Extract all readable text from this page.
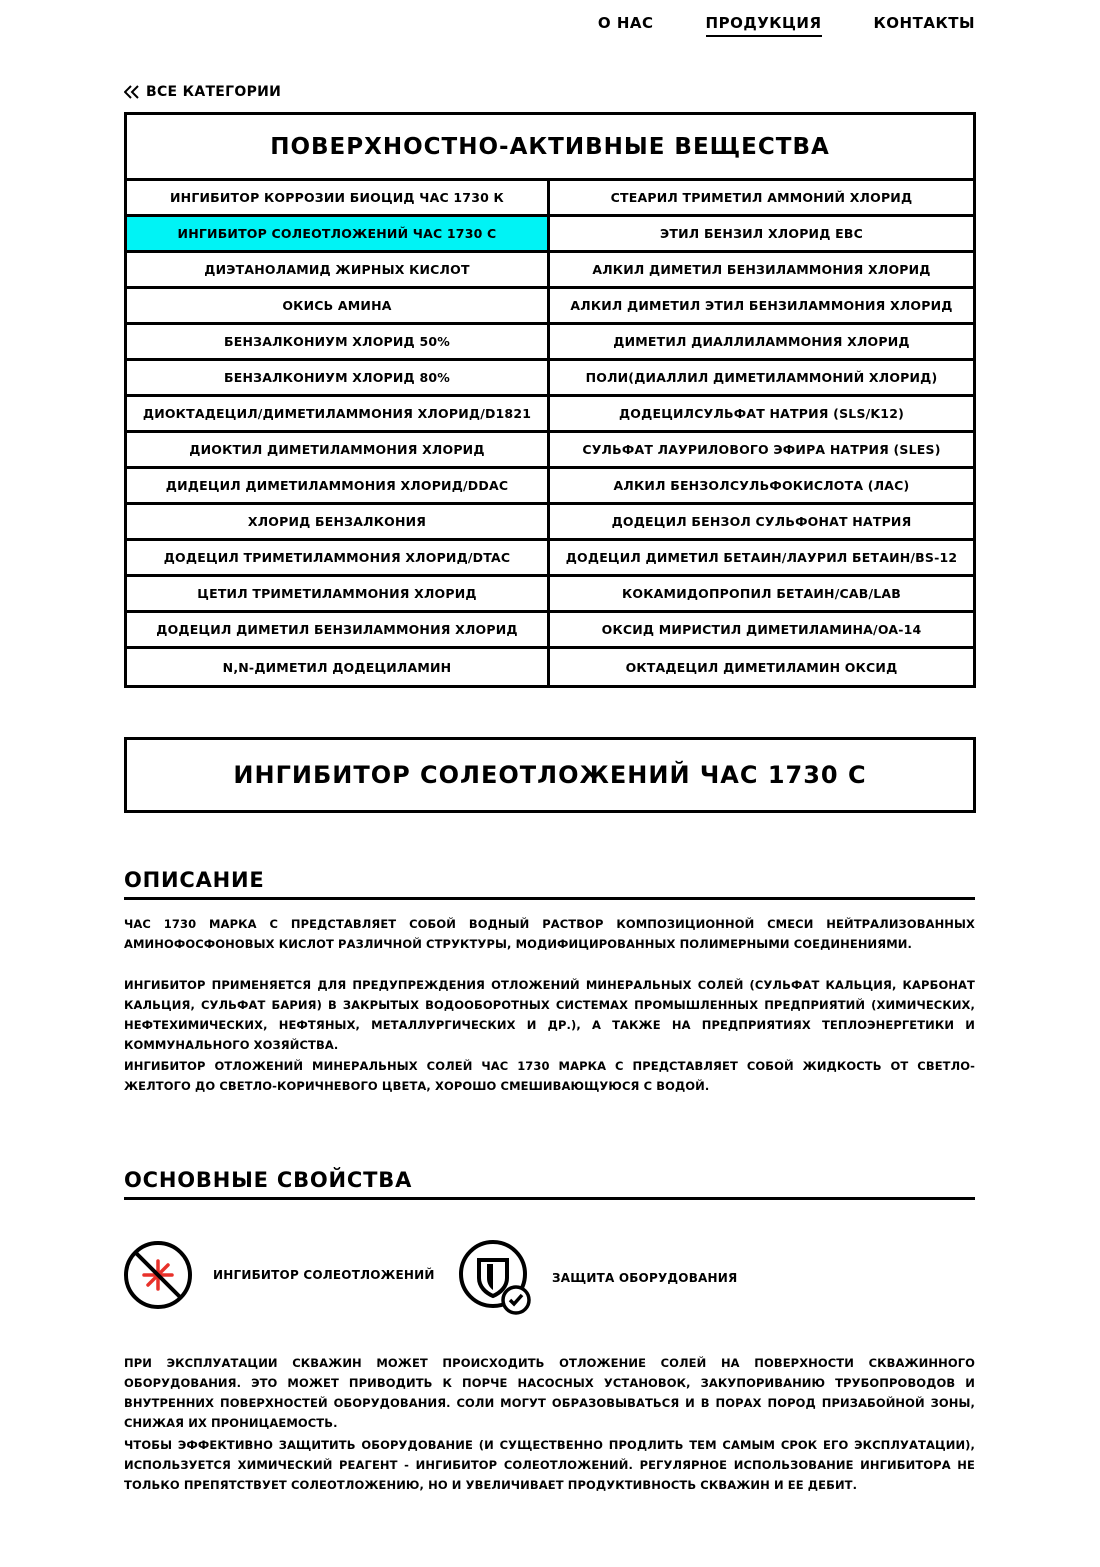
О НАС	ПРОДУКЦИЯ	КОНТАКТЫ
ВСЕ КАТЕГОРИИ
ПОВЕРХНОСТНО-АКТИВНЫЕ ВЕЩЕСТВА
ИНГИБИТОР КОРРОЗИИ БИОЦИД ЧАС 1730 К	СТЕАРИЛ ТРИМЕТИЛ АММОНИЙ ХЛОРИД
ИНГИБИТОР СОЛЕОТЛОЖЕНИЙ ЧАС 1730 С	ЭТИЛ БЕНЗИЛ ХЛОРИД EBC
ДИЭТАНОЛАМИД ЖИРНЫХ КИСЛОТ	АЛКИЛ ДИМЕТИЛ БЕНЗИЛАММОНИЯ ХЛОРИД
ОКИСЬ АМИНА	АЛКИЛ ДИМЕТИЛ ЭТИЛ БЕНЗИЛАММОНИЯ ХЛОРИД
БЕНЗАЛКОНИУМ ХЛОРИД 50%	ДИМЕТИЛ ДИАЛЛИЛАММОНИЯ ХЛОРИД
БЕНЗАЛКОНИУМ ХЛОРИД 80%	ПОЛИ(ДИАЛЛИЛ ДИМЕТИЛАММОНИЙ ХЛОРИД)
ДИОКТАДЕЦИЛ/ДИМЕТИЛАММОНИЯ ХЛОРИД/D1821	ДОДЕЦИЛСУЛЬФАТ НАТРИЯ (SLS/K12)
ДИОКТИЛ ДИМЕТИЛАММОНИЯ ХЛОРИД	СУЛЬФАТ ЛАУРИЛОВОГО ЭФИРА НАТРИЯ (SLES)
ДИДЕЦИЛ ДИМЕТИЛАММОНИЯ ХЛОРИД/DDAC	АЛКИЛ БЕНЗОЛСУЛЬФОКИСЛОТА (ЛАС)
ХЛОРИД БЕНЗАЛКОНИЯ	ДОДЕЦИЛ БЕНЗОЛ СУЛЬФОНАТ НАТРИЯ
ДОДЕЦИЛ ТРИМЕТИЛАММОНИЯ ХЛОРИД/DTAC	ДОДЕЦИЛ ДИМЕТИЛ БЕТАИН/ЛАУРИЛ БЕТАИН/BS-12
ЦЕТИЛ ТРИМЕТИЛАММОНИЯ ХЛОРИД	КОКАМИДОПРОПИЛ БЕТАИН/CAB/LAB
ДОДЕЦИЛ ДИМЕТИЛ БЕНЗИЛАММОНИЯ ХЛОРИД	ОКСИД МИРИСТИЛ ДИМЕТИЛАМИНА/OA-14
N,N-ДИМЕТИЛ ДОДЕЦИЛАМИН	ОКТАДЕЦИЛ ДИМЕТИЛАМИН ОКСИД
ИНГИБИТОР СОЛЕОТЛОЖЕНИЙ ЧАС 1730 С
ОПИСАНИЕ

ЧАС 1730 МАРКА С ПРЕДСТАВЛЯЕТ СОБОЙ ВОДНЫЙ РАСТВОР КОМПОЗИЦИОННОЙ СМЕСИ НЕЙТРАЛИЗОВАННЫХ АМИНОФОСФОНОВЫХ КИСЛОТ РАЗЛИЧНОЙ СТРУКТУРЫ, МОДИФИЦИРОВАННЫХ ПОЛИМЕРНЫМИ СОЕДИНЕНИЯМИ.

ИНГИБИТОР ПРИМЕНЯЕТСЯ ДЛЯ ПРЕДУПРЕЖДЕНИЯ ОТЛОЖЕНИЙ МИНЕРАЛЬНЫХ СОЛЕЙ (СУЛЬФАТ КАЛЬЦИЯ, КАРБОНАТ КАЛЬЦИЯ, СУЛЬФАТ БАРИЯ) В ЗАКРЫТЫХ ВОДООБОРОТНЫХ СИСТЕМАХ ПРОМЫШЛЕННЫХ ПРЕДПРИЯТИЙ (ХИМИЧЕСКИХ, НЕФТЕХИМИЧЕСКИХ, НЕФТЯНЫХ, МЕТАЛЛУРГИЧЕСКИХ И ДР.), А ТАКЖЕ НА ПРЕДПРИЯТИЯХ ТЕПЛОЭНЕРГЕТИКИ И КОММУНАЛЬНОГО ХОЗЯЙСТВА.

ИНГИБИТОР ОТЛОЖЕНИЙ МИНЕРАЛЬНЫХ СОЛЕЙ ЧАС 1730 МАРКА С ПРЕДСТАВЛЯЕТ СОБОЙ ЖИДКОСТЬ ОТ СВЕТЛО-ЖЕЛТОГО ДО СВЕТЛО-КОРИЧНЕВОГО ЦВЕТА, ХОРОШО СМЕШИВАЮЩУЮСЯ С ВОДОЙ.

ОСНОВНЫЕ СВОЙСТВА
ИНГИБИТОР СОЛЕОТЛОЖЕНИЙ	ЗАЩИТА ОБОРУДОВАНИЯ

ПРИ ЭКСПЛУАТАЦИИ СКВАЖИН МОЖЕТ ПРОИСХОДИТЬ ОТЛОЖЕНИЕ СОЛЕЙ НА ПОВЕРХНОСТИ СКВАЖИННОГО ОБОРУДОВАНИЯ. ЭТО МОЖЕТ ПРИВОДИТЬ К ПОРЧЕ НАСОСНЫХ УСТАНОВОК, ЗАКУПОРИВАНИЮ ТРУБОПРОВОДОВ И ВНУТРЕННИХ ПОВЕРХНОСТЕЙ ОБОРУДОВАНИЯ. СОЛИ МОГУТ ОБРАЗОВЫВАТЬСЯ И В ПОРАХ ПОРОД ПРИЗАБОЙНОЙ ЗОНЫ, СНИЖАЯ ИХ ПРОНИЦАЕМОСТЬ.

ЧТОБЫ ЭФФЕКТИВНО ЗАЩИТИТЬ ОБОРУДОВАНИЕ (И СУЩЕСТВЕННО ПРОДЛИТЬ ТЕМ САМЫМ СРОК ЕГО ЭКСПЛУАТАЦИИ), ИСПОЛЬЗУЕТСЯ ХИМИЧЕСКИЙ РЕАГЕНТ - ИНГИБИТОР СОЛЕОТЛОЖЕНИЙ. РЕГУЛЯРНОЕ ИСПОЛЬЗОВАНИЕ ИНГИБИТОРА НЕ ТОЛЬКО ПРЕПЯТСТВУЕТ СОЛЕОТЛОЖЕНИЮ, НО И УВЕЛИЧИВАЕТ ПРОДУКТИВНОСТЬ СКВАЖИН И ЕЕ ДЕБИТ.
